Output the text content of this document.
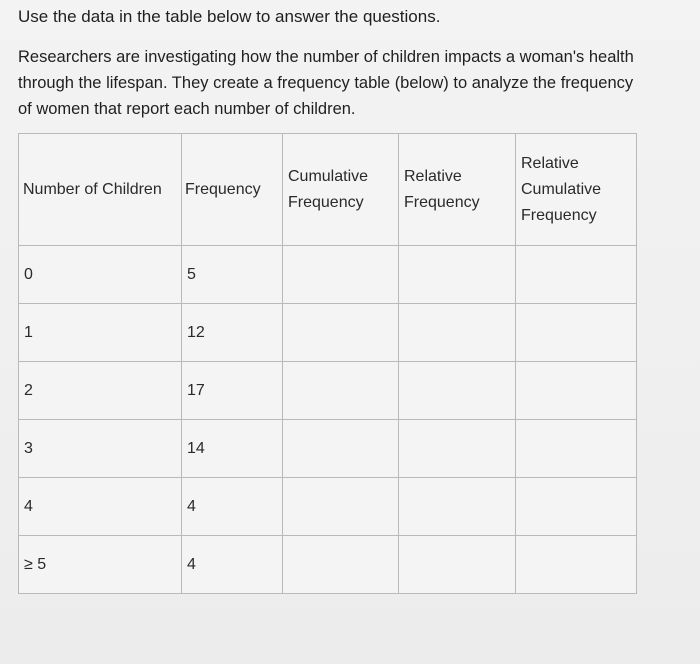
Use the data in the table below to answer the questions.
Researchers are investigating how the number of children impacts a woman's health
through the lifespan. They create a frequency table (below) to analyze the frequency
of women that report each number of children.
Number of Children	Frequency	Cumulative Frequency	Relative Frequency	Relative Cumulative Frequency
0	5			
1	12			
2	17			
3	14			
4	4			
≥ 5	4			
